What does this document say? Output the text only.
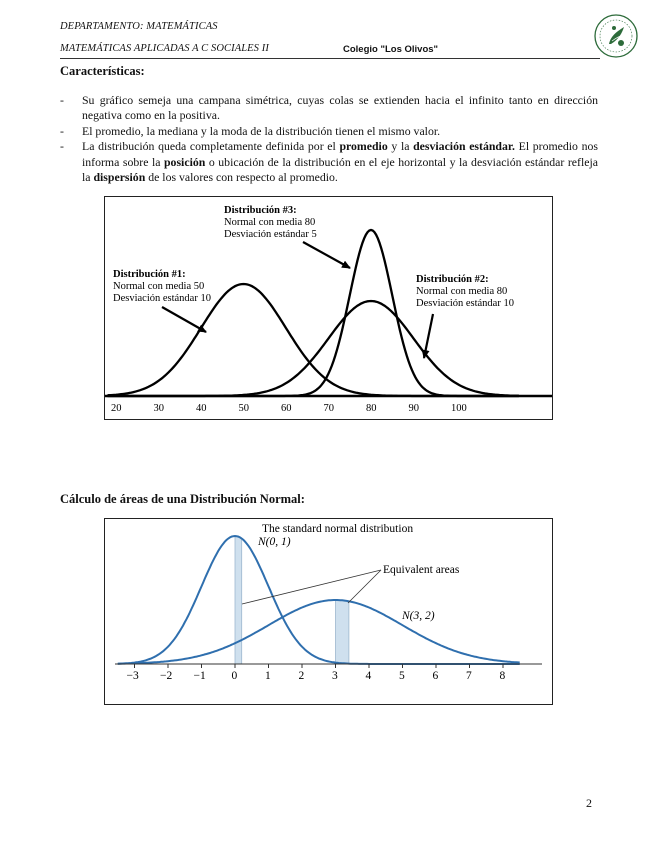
DEPARTAMENTO: MATEMÁTICAS
MATEMÁTICAS APLICADAS A C SOCIALES II	Colegio "Los Olivos"
Características:
-	Su gráfico semeja una campana simétrica, cuyas colas se extienden hacia el infinito tanto en dirección negativa como en la positiva.
-	El promedio, la mediana y la moda de la distribución tienen el mismo valor.
-	La distribución queda completamente definida por el promedio y la desviación estándar. El promedio nos informa sobre la posición o ubicación de la distribución en el eje horizontal y la desviación estándar refleja la dispersión de los valores con respecto al promedio.
20	30	40	50	60	70	80	90	100
Distribución #3:
Normal con media 80
Desviación estándar 5
Distribución #1:
Normal con media 50
Desviación estándar 10
Distribución #2:
Normal con media 80
Desviación estándar 10
Cálculo de áreas de una Distribución Normal:
−3 −2 −1 0 1 2 3 4 5 6 7 8
The standard normal distribution
N(0, 1)
N(3, 2)
Equivalent areas
2
